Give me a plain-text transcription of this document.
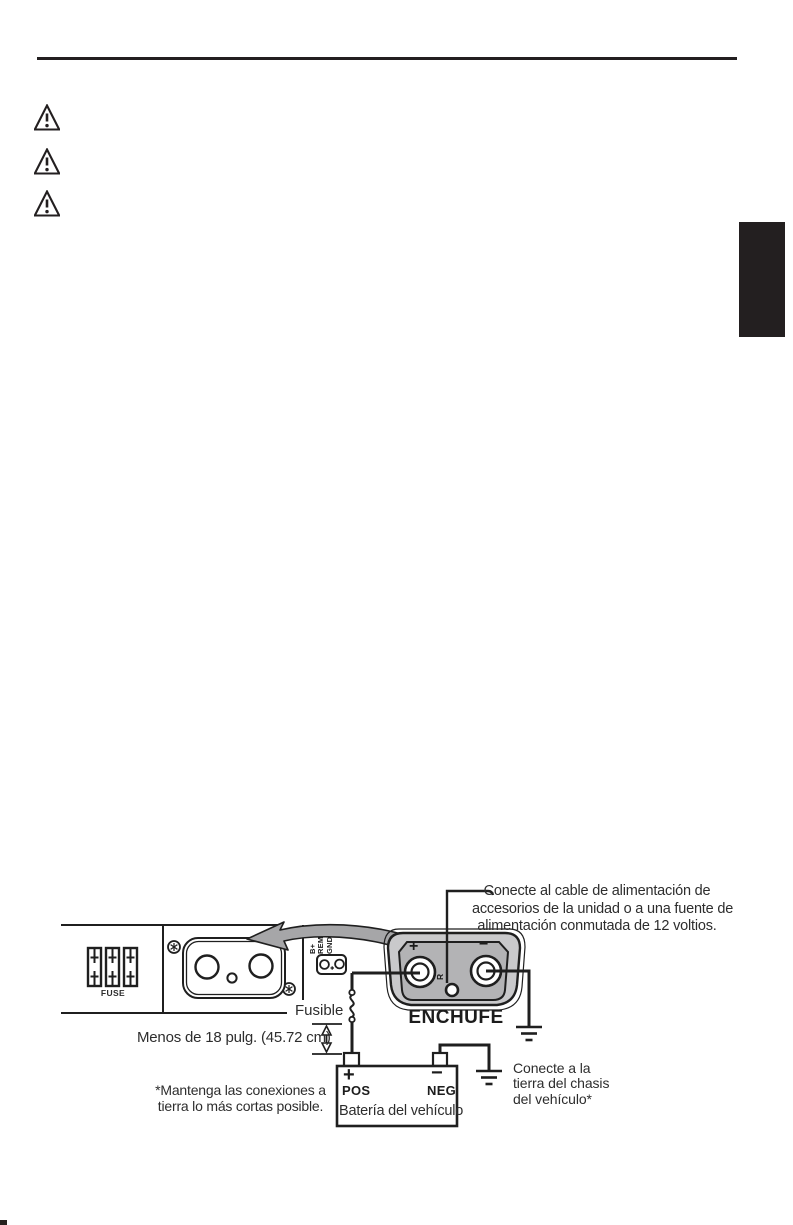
Conecte al cable de alimentación de
accesorios de la unidad o a una fuente de
alimentación conmutada de 12 voltios.
FUSE
B+ REM GND
Fusible
Menos de 18 pulg. (45.72 cm)
+	−
R
ENCHUFE
+
POS
−
NEG
Batería del vehículo
*Mantenga las conexiones a
tierra lo más cortas posible.
Conecte a la
tierra del chasis
del vehículo*
